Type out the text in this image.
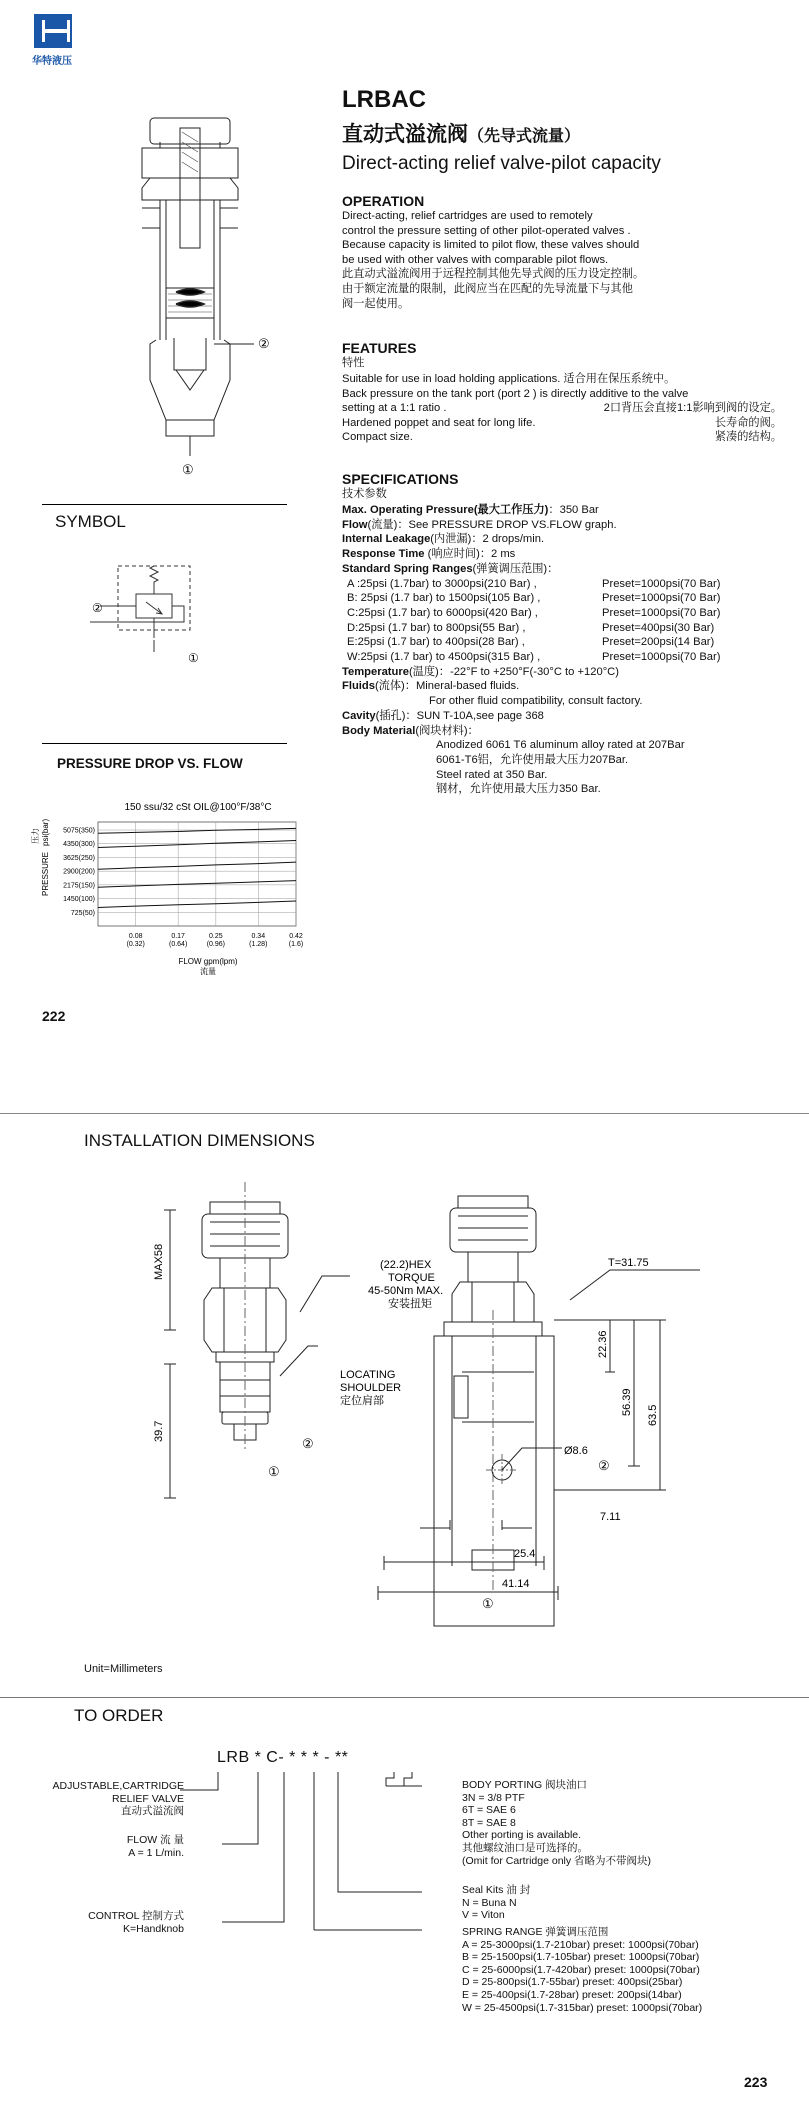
华特液压
LRBAC
直动式溢流阀（先导式流量）
Direct-acting relief valve-pilot capacity
②
①
OPERATION
Direct-acting, relief cartridges are used to remotely
control the pressure setting of other pilot-operated valves .
Because capacity is limited to pilot flow, these valves should
be used with other valves with comparable pilot flows.
此直动式溢流阀用于远程控制其他先导式阀的压力设定控制。
由于额定流量的限制，此阀应当在匹配的先导流量下与其他
阀一起使用。
FEATURES
特性
Suitable for use in load holding applications. 适合用在保压系统中。
Back pressure on the tank port (port 2 ) is directly additive to the valve
setting at a 1:1 ratio .	2口背压会直接1:1影响到阀的设定。
Hardened poppet and seat for long life.	长寿命的阀。
Compact size.	紧凑的结构。
SPECIFICATIONS
技术参数
Max. Operating Pressure(最大工作压力)：350 Bar
Flow(流量)：See PRESSURE DROP VS.FLOW graph.
Internal Leakage(内泄漏)：2 drops/min.
Response Time (响应时间)：2 ms
Standard Spring Ranges(弹簧调压范围)：
A :25psi (1.7bar) to 3000psi(210 Bar) ,	Preset=1000psi(70 Bar)
B: 25psi (1.7 bar) to 1500psi(105 Bar) ,	Preset=1000psi(70 Bar)
C:25psi (1.7 bar) to 6000psi(420 Bar) ,	Preset=1000psi(70 Bar)
D:25psi (1.7 bar) to 800psi(55 Bar) ,	Preset=400psi(30 Bar)
E:25psi (1.7 bar) to 400psi(28 Bar) ,	Preset=200psi(14 Bar)
W:25psi (1.7 bar) to 4500psi(315 Bar) ,	Preset=1000psi(70 Bar)
Temperature(温度)：-22°F to +250°F(-30°C to +120°C)
Fluids(流体)：Mineral-based fluids.
For other fluid compatibility, consult factory.
Cavity(插孔)：SUN T-10A,see page 368
Body Material(阀块材料)：
Anodized 6061 T6 aluminum alloy rated at 207Bar
6061-T6铝，允许使用最大压力207Bar.
Steel rated at 350 Bar.
钢材，允许使用最大压力350 Bar.
SYMBOL
②
①
PRESSURE DROP VS. FLOW
150 ssu/32 cSt OIL@100°F/38°C
压力
PRESSURE
psi(bar) 5075(350)
4350(300)
3625(250)
2900(200)
2175(150)
1450(100)
725(50)
0.08
(0.32)
0.17
(0.64)
0.25
(0.96)
0.34
(1.28)
0.42
(1.6)
FLOW gpm(lpm)
流量
222
INSTALLATION DIMENSIONS
MAX58
39.7
(22.2)HEX
TORQUE
45-50Nm MAX.
安装扭矩
LOCATING
SHOULDER
定位肩部
T=31.75
22.36
56.39 63.5
Ø8.6
7.11
25.4
41.14
②
①	②
①
Unit=Millimeters
TO ORDER
LRB * C- * * * - **
ADJUSTABLE,CARTRIDGE
RELIEF VALVE
直动式溢流阀
FLOW 流 量
A = 1 L/min.
CONTROL 控制方式
K=Handknob
BODY PORTING 阀块油口
3N = 3/8 PTF
6T = SAE 6
8T = SAE 8
Other porting is available.
其他螺纹油口是可选择的。
(Omit for Cartridge only 省略为不带阀块)
Seal Kits 油 封
N = Buna N
V = Viton
SPRING RANGE 弹簧调压范围
A = 25-3000psi(1.7-210bar) preset: 1000psi(70bar)
B = 25-1500psi(1.7-105bar) preset: 1000psi(70bar)
C = 25-6000psi(1.7-420bar) preset: 1000psi(70bar)
D = 25-800psi(1.7-55bar) preset: 400psi(25bar)
E = 25-400psi(1.7-28bar) preset: 200psi(14bar)
W = 25-4500psi(1.7-315bar) preset: 1000psi(70bar)
223
